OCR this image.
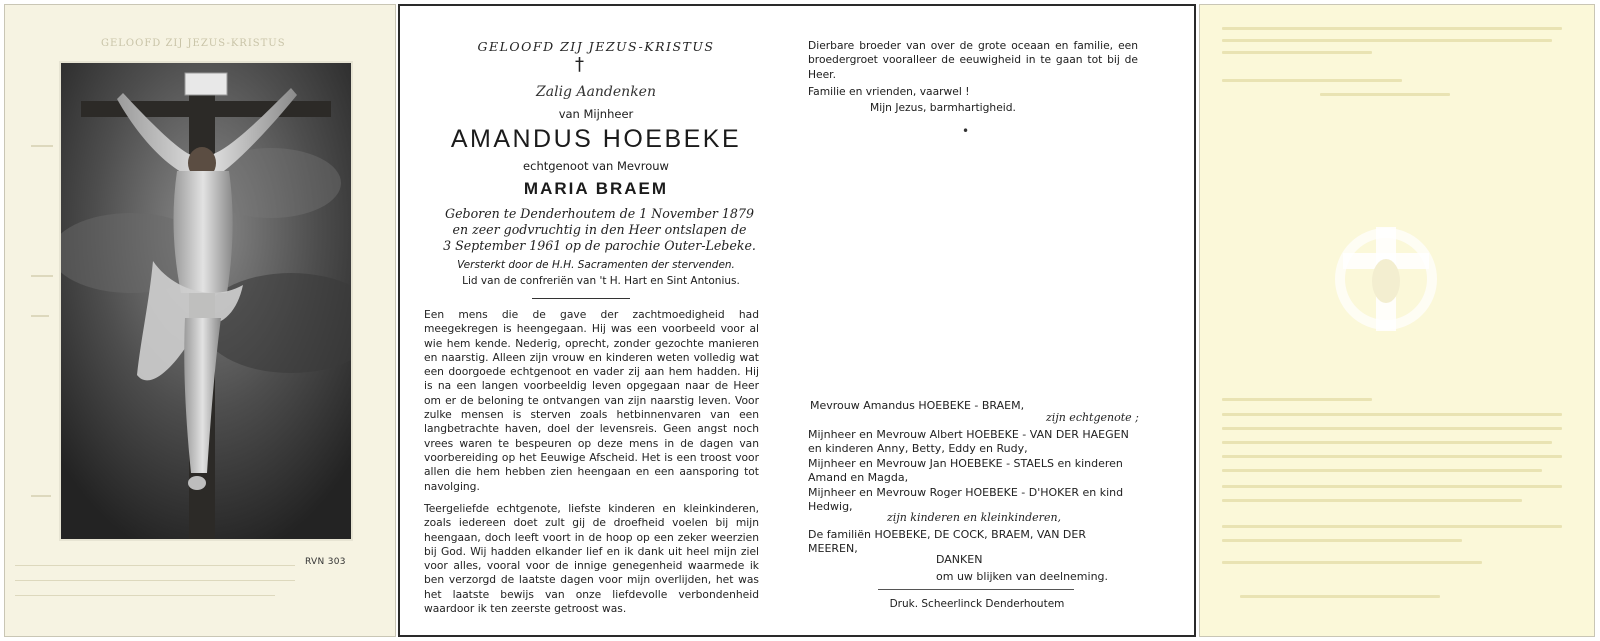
GELOOFD ZIJ JEZUS-KRISTUS
RVN 303
GELOOFD ZIJ JEZUS-KRISTUS
†
Zalig Aandenken
van Mijnheer
AMANDUS HOEBEKE
echtgenoot van Mevrouw
MARIA BRAEM
Geboren te Denderhoutem de 1 November 1879
en zeer godvruchtig in den Heer ontslapen de
3 September 1961 op de parochie Outer-Lebeke.
Versterkt door de H.H. Sacramenten der stervenden.
Lid van de confreriën van 't H. Hart en Sint Antonius.
Een mens die de gave der zachtmoedigheid had meegekregen is heengegaan. Hij was een voorbeeld voor al wie hem kende. Nederig, oprecht, zonder gezochte manieren en naarstig. Alleen zijn vrouw en kinderen weten volledig wat een doorgoede echtgenoot en vader zij aan hem hadden. Hij is na een langen voorbeeldig leven opgegaan naar de Heer om er de beloning te ontvangen van zijn naarstig leven. Voor zulke mensen is sterven zoals hetbinnenvaren van een langbetrachte haven, doel der levensreis. Geen angst noch vrees waren te bespeuren op deze mens in de dagen van voorbereiding op het Eeuwige Afscheid. Het is een troost voor allen die hem hebben zien heengaan en een aansporing tot navolging.
Teergeliefde echtgenote, liefste kinderen en kleinkinderen, zoals iedereen doet zult gij de droefheid voelen bij mijn heengaan, doch leeft voort in de hoop op een zeker weerzien bij God. Wij hadden elkander lief en ik dank uit heel mijn ziel voor alles, vooral voor de innige genegenheid waarmede ik ben verzorgd de laatste dagen voor mijn overlijden, het was het laatste bewijs van onze liefdevolle verbondenheid waardoor ik ten zeerste getroost was.
Dierbare broeder van over de grote oceaan en familie, een broedergroet vooralleer de eeuwigheid in te gaan tot bij de Heer.
Familie en vrienden, vaarwel !
Mijn Jezus, barmhartigheid.
•
Mevrouw Amandus HOEBEKE - BRAEM,
zijn echtgenote ;
Mijnheer en Mevrouw Albert HOEBEKE - VAN DER HAEGEN en kinderen Anny, Betty, Eddy en Rudy,
Mijnheer en Mevrouw Jan HOEBEKE - STAELS en kinderen Amand en Magda,
Mijnheer en Mevrouw Roger HOEBEKE - D'HOKER en kind Hedwig,
zijn kinderen en kleinkinderen,
De familiën HOEBEKE, DE COCK, BRAEM, VAN DER MEEREN,
DANKEN
om uw blijken van deelneming.
Druk. Scheerlinck Denderhoutem
